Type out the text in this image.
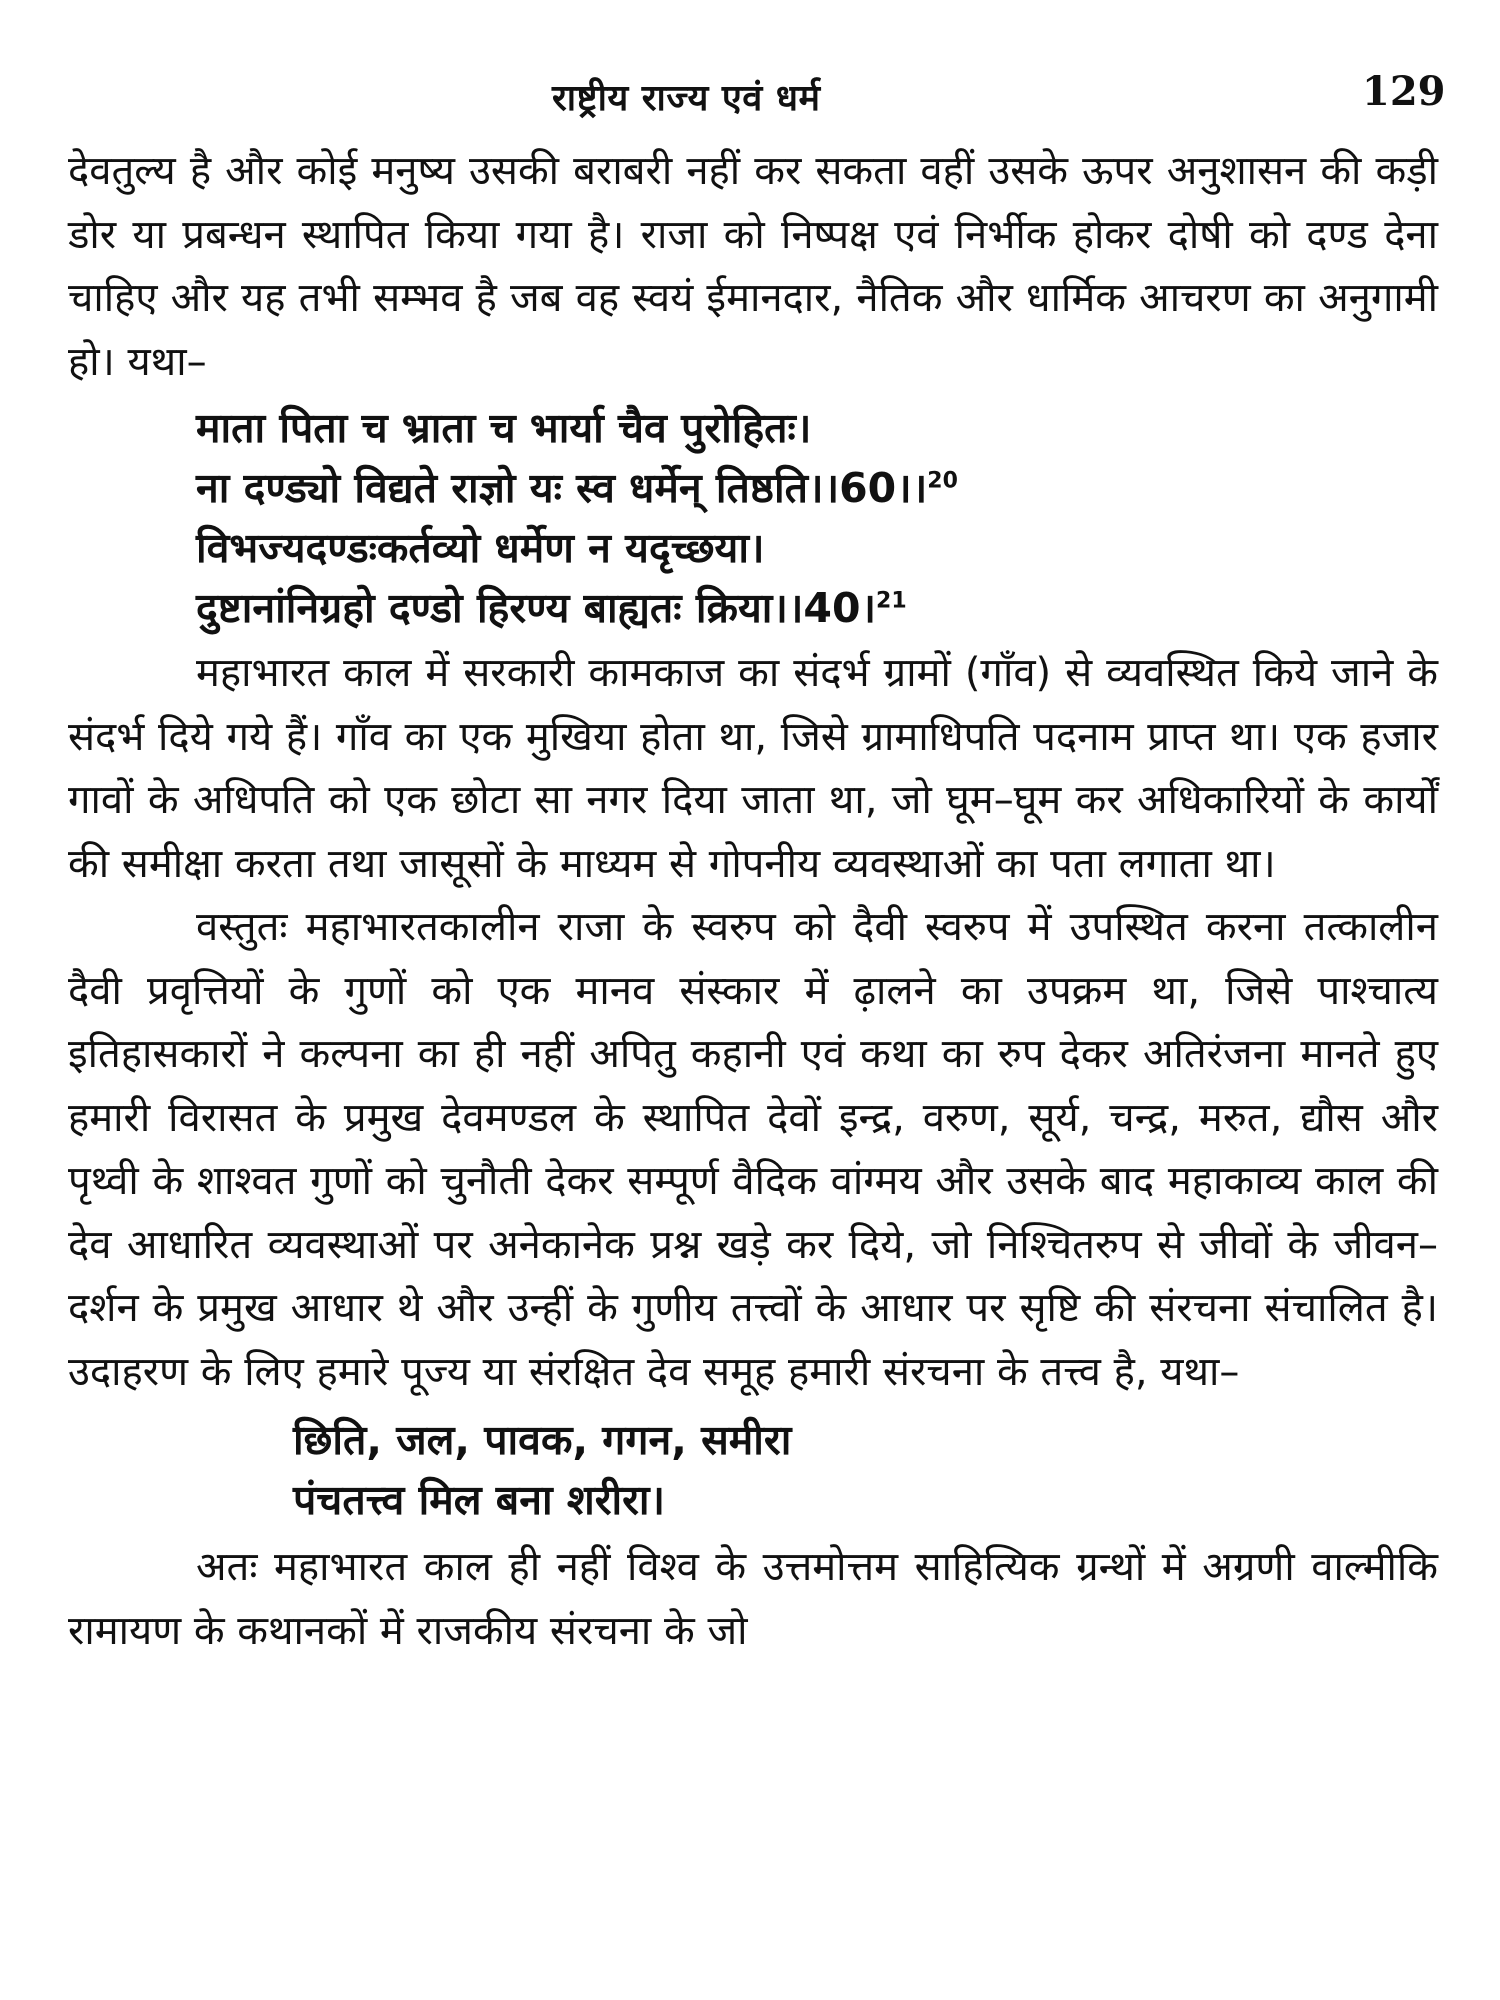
राष्ट्रीय राज्य एवं धर्म	129

देवतुल्य है और कोई मनुष्य उसकी बराबरी नहीं कर सकता वहीं उसके ऊपर अनुशासन की कड़ी डोर या प्रबन्धन स्थापित किया गया है। राजा को निष्पक्ष एवं निर्भीक होकर दोषी को दण्ड देना चाहिए और यह तभी सम्भव है जब वह स्वयं ईमानदार, नैतिक और धार्मिक आचरण का अनुगामी हो। यथा–

माता पिता च भ्राता च भार्या चैव पुरोहितः।

ना दण्ड्यो विद्यते राज्ञो यः स्व धर्मेन् तिष्ठति।।60।।$^{20}$

विभज्यदण्डःकर्तव्यो धर्मेण न यदृच्छया।

दुष्टानांनिग्रहो दण्डो हिरण्य बाह्यतः क्रिया।।40।$^{21}$

महाभारत काल में सरकारी कामकाज का संदर्भ ग्रामों (गाँव) से व्यवस्थित किये जाने के संदर्भ दिये गये हैं। गाँव का एक मुखिया होता था, जिसे ग्रामाधिपति पदनाम प्राप्त था। एक हजार गावों के अधिपति को एक छोटा सा नगर दिया जाता था, जो घूम–घूम कर अधिकारियों के कार्यों की समीक्षा करता तथा जासूसों के माध्यम से गोपनीय व्यवस्थाओं का पता लगाता था।

वस्तुतः महाभारतकालीन राजा के स्वरुप को दैवी स्वरुप में उपस्थित करना तत्कालीन दैवी प्रवृत्तियों के गुणों को एक मानव संस्कार में ढ़ालने का उपक्रम था, जिसे पाश्चात्य इतिहासकारों ने कल्पना का ही नहीं अपितु कहानी एवं कथा का रुप देकर अतिरंजना मानते हुए हमारी विरासत के प्रमुख देवमण्डल के स्थापित देवों इन्द्र, वरुण, सूर्य, चन्द्र, मरुत, द्यौस और पृथ्वी के शाश्वत गुणों को चुनौती देकर सम्पूर्ण वैदिक वांग्मय और उसके बाद महाकाव्य काल की देव आधारित व्यवस्थाओं पर अनेकानेक प्रश्न खड़े कर दिये, जो निश्चितरुप से जीवों के जीवन–दर्शन के प्रमुख आधार थे और उन्हीं के गुणीय तत्त्वों के आधार पर सृष्टि की संरचना संचालित है। उदाहरण के लिए हमारे पूज्य या संरक्षित देव समूह हमारी संरचना के तत्त्व है, यथा–

छिति, जल, पावक, गगन, समीरा

पंचतत्त्व मिल बना शरीरा।

अतः महाभारत काल ही नहीं विश्व के उत्तमोत्तम साहित्यिक ग्रन्थों में अग्रणी वाल्मीकि रामायण के कथानकों में राजकीय संरचना के जो
